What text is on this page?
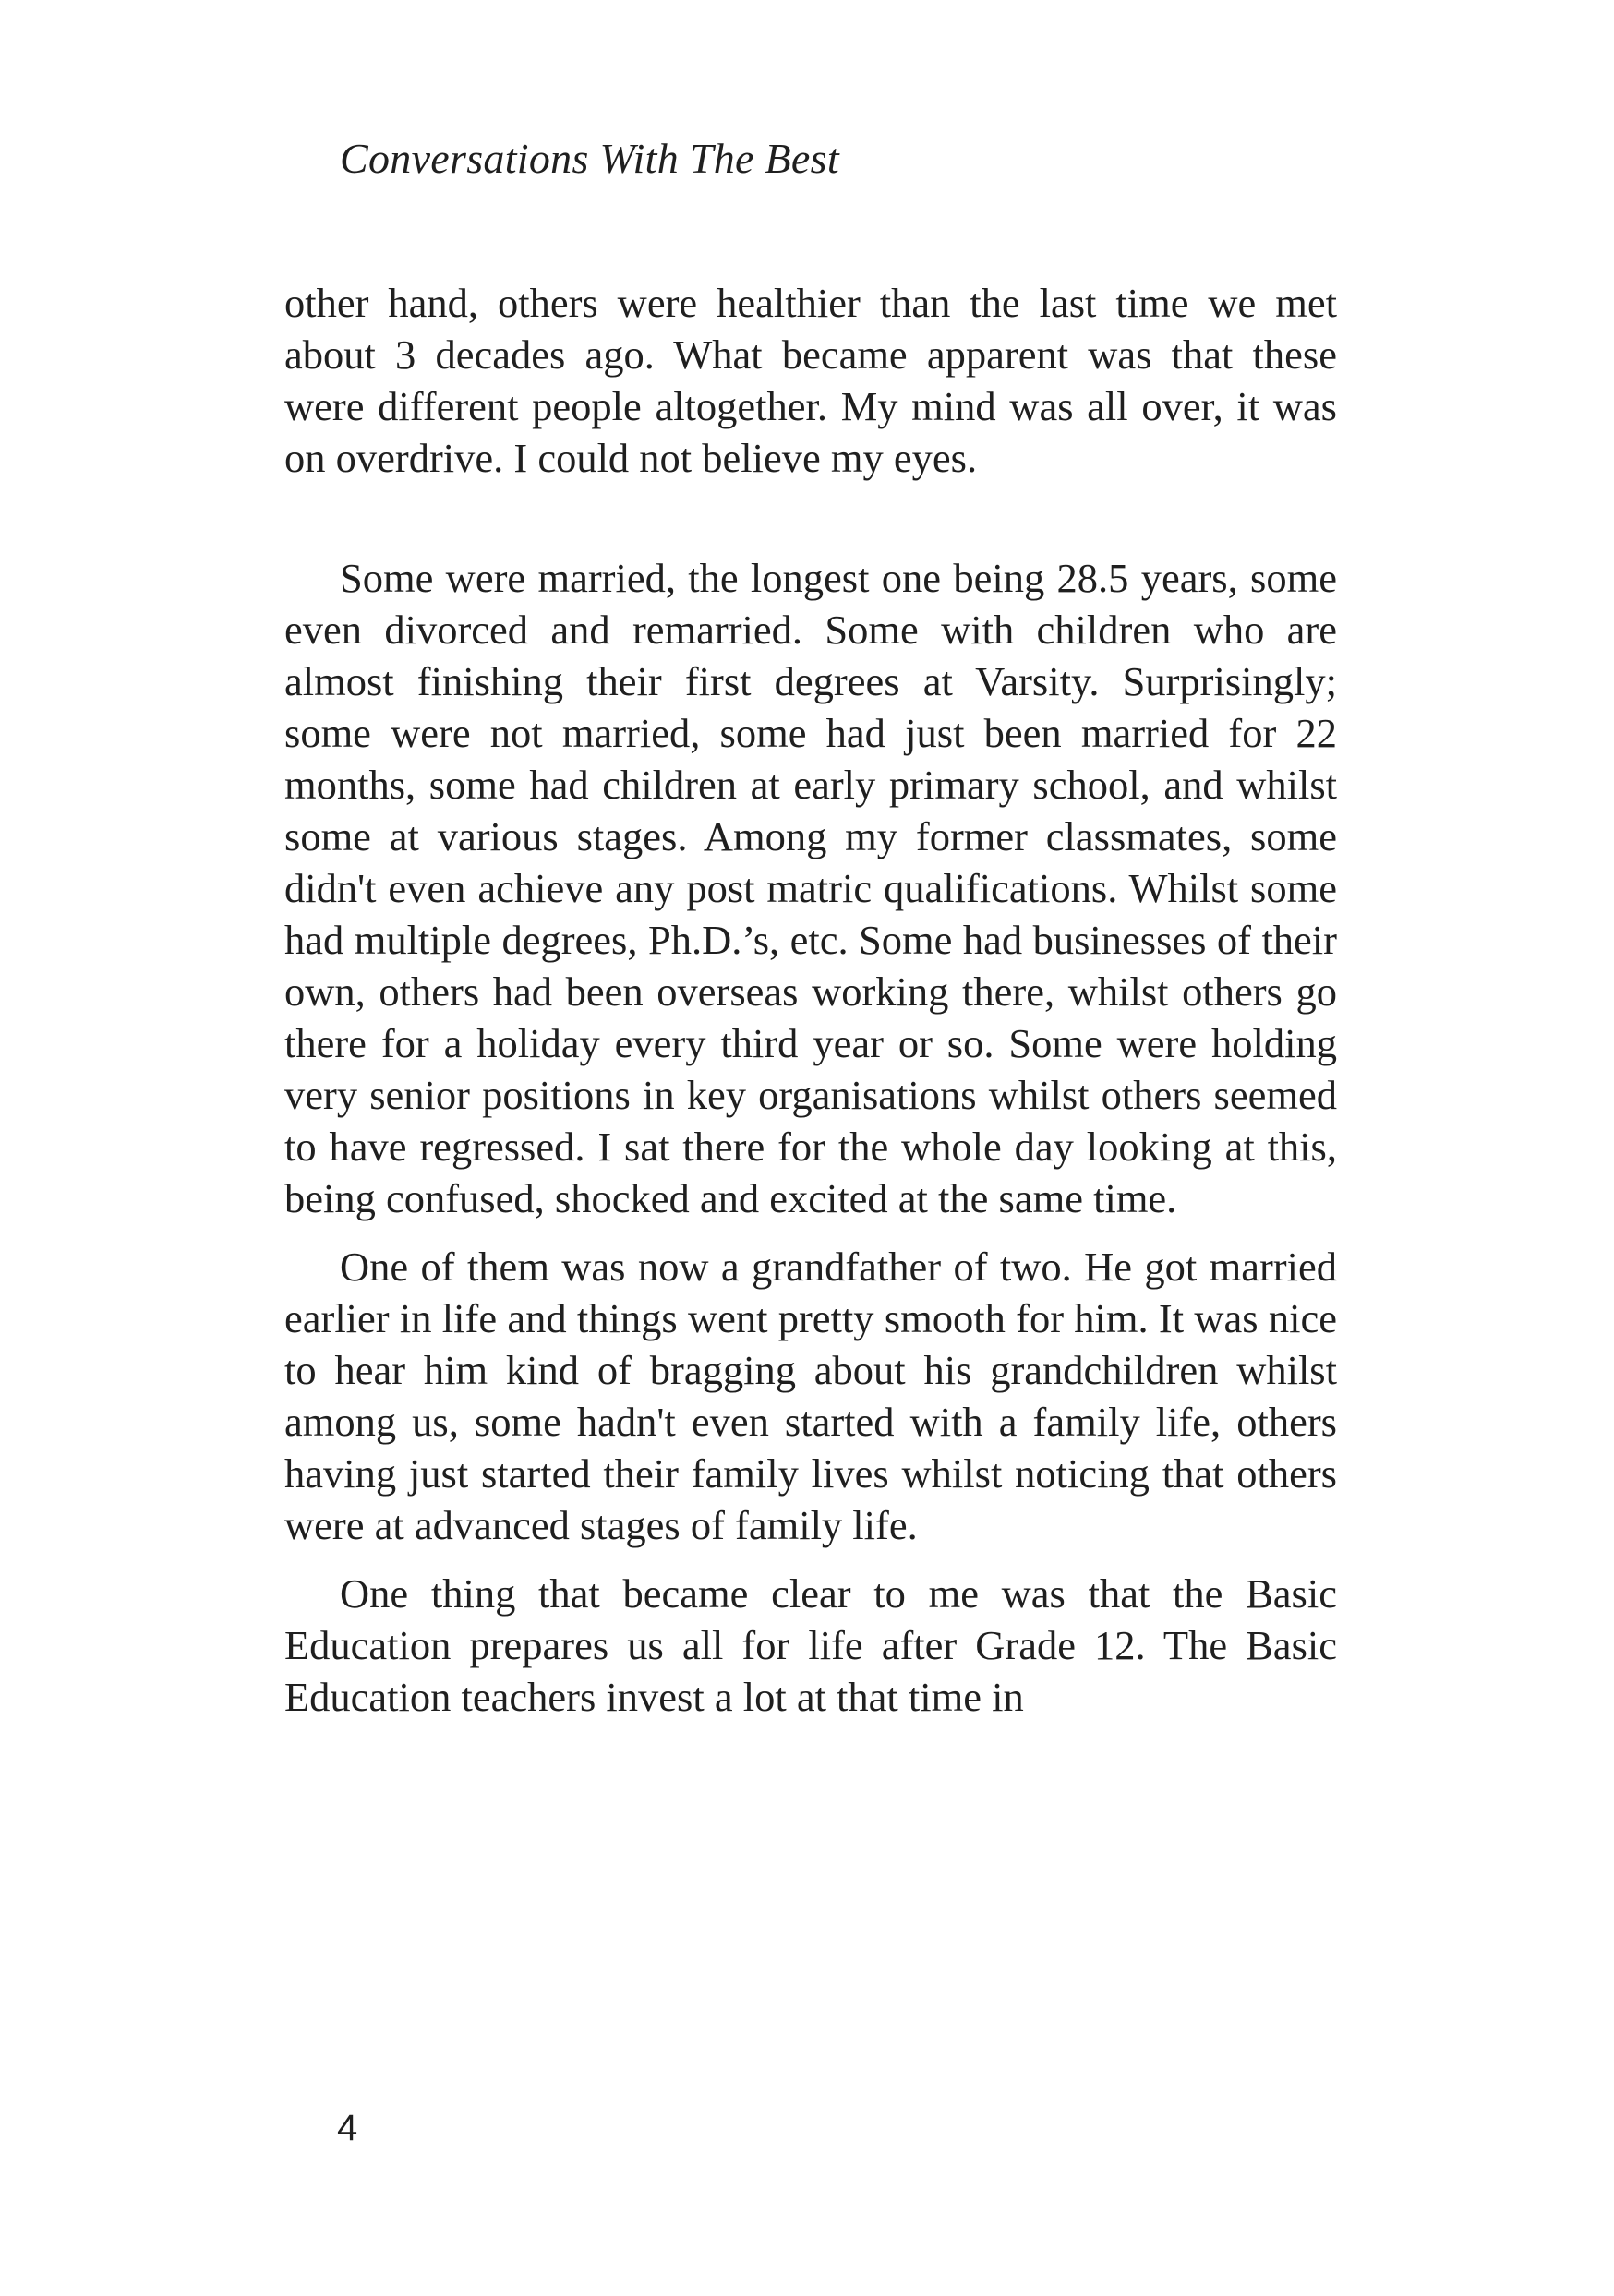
Conversations With The Best

other hand, others were healthier than the last time we met about 3 decades ago. What became apparent was that these were different people altogether. My mind was all over, it was on overdrive. I could not believe my eyes.

Some were married, the longest one being 28.5 years, some even divorced and remarried. Some with children who are almost finishing their first degrees at Varsity. Surprisingly; some were not married, some had just been married for 22 months, some had children at early primary school, and whilst some at various stages. Among my former classmates, some didn't even achieve any post matric qualifications. Whilst some had multiple degrees, Ph.D.’s, etc. Some had businesses of their own, others had been overseas working there, whilst others go there for a holiday every third year or so. Some were holding very senior positions in key organisations whilst others seemed to have regressed. I sat there for the whole day looking at this, being confused, shocked and excited at the same time.

One of them was now a grandfather of two. He got married earlier in life and things went pretty smooth for him. It was nice to hear him kind of bragging about his grandchildren whilst among us, some hadn't even started with a family life, others having just started their family lives whilst noticing that others were at advanced stages of family life.

One thing that became clear to me was that the Basic Education prepares us all for life after Grade 12. The Basic Education teachers invest a lot at that time in

4
